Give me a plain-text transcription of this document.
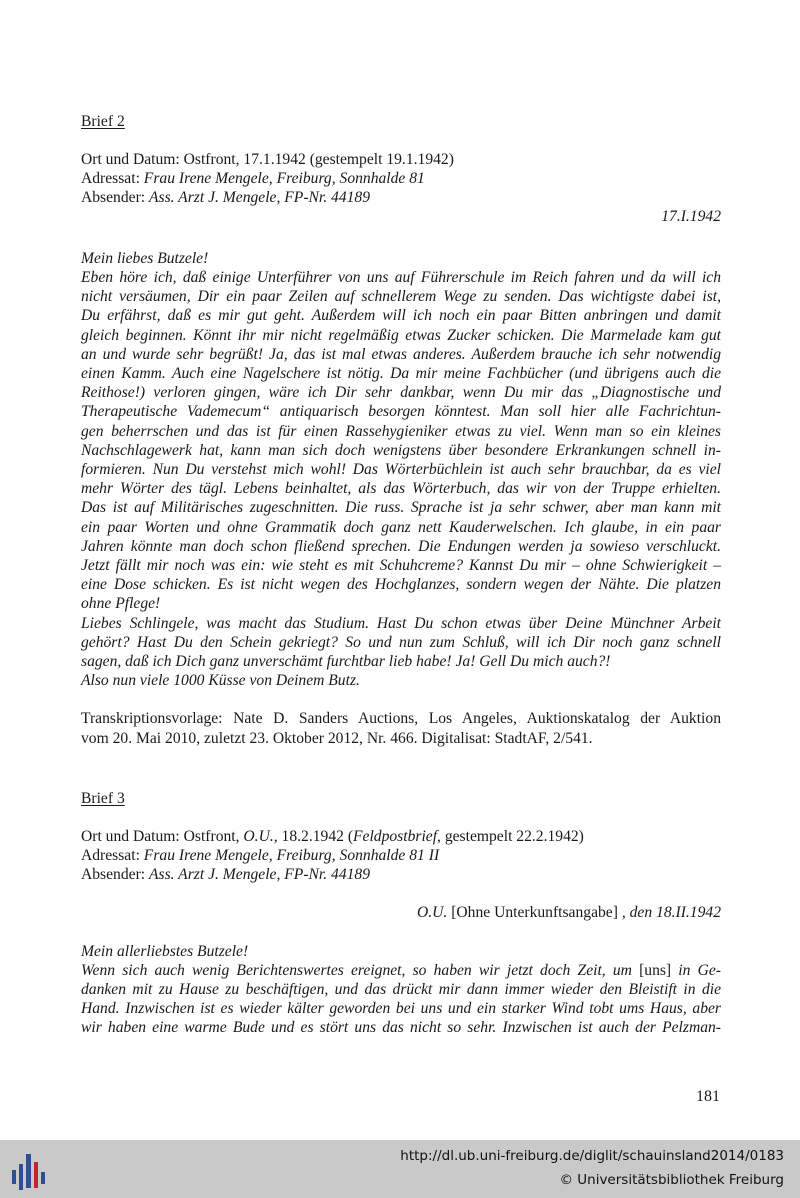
Brief 2
Ort und Datum: Ostfront, 17.1.1942 (gestempelt 19.1.1942)
Adressat: Frau Irene Mengele, Freiburg, Sonnhalde 81
Absender: Ass. Arzt J. Mengele, FP-Nr. 44189
17.I.1942
Mein liebes Butzele!
Eben höre ich, daß einige Unterführer von uns auf Führerschule im Reich fahren und da will ich
nicht versäumen, Dir ein paar Zeilen auf schnellerem Wege zu senden. Das wichtigste dabei ist,
Du erfährst, daß es mir gut geht. Außerdem will ich noch ein paar Bitten anbringen und damit
gleich beginnen. Könnt ihr mir nicht regelmäßig etwas Zucker schicken. Die Marmelade kam gut
an und wurde sehr begrüßt! Ja, das ist mal etwas anderes. Außerdem brauche ich sehr notwendig
einen Kamm. Auch eine Nagelschere ist nötig. Da mir meine Fachbücher (und übrigens auch die
Reithose!) verloren gingen, wäre ich Dir sehr dankbar, wenn Du mir das „Diagnostische und
Therapeutische Vademecum“ antiquarisch besorgen könntest. Man soll hier alle Fachrichtun-
gen beherrschen und das ist für einen Rassehygieniker etwas zu viel. Wenn man so ein kleines
Nachschlagewerk hat, kann man sich doch wenigstens über besondere Erkrankungen schnell in-
formieren. Nun Du verstehst mich wohl! Das Wörterbüchlein ist auch sehr brauchbar, da es viel
mehr Wörter des tägl. Lebens beinhaltet, als das Wörterbuch, das wir von der Truppe erhielten.
Das ist auf Militärisches zugeschnitten. Die russ. Sprache ist ja sehr schwer, aber man kann mit
ein paar Worten und ohne Grammatik doch ganz nett Kauderwelschen. Ich glaube, in ein paar
Jahren könnte man doch schon fließend sprechen. Die Endungen werden ja sowieso verschluckt.
Jetzt fällt mir noch was ein: wie steht es mit Schuhcreme? Kannst Du mir – ohne Schwierigkeit –
eine Dose schicken. Es ist nicht wegen des Hochglanzes, sondern wegen der Nähte. Die platzen
ohne Pflege!
Liebes Schlingele, was macht das Studium. Hast Du schon etwas über Deine Münchner Arbeit
gehört? Hast Du den Schein gekriegt? So und nun zum Schluß, will ich Dir noch ganz schnell
sagen, daß ich Dich ganz unverschämt furchtbar lieb habe! Ja! Gell Du mich auch?!
Also nun viele 1000 Küsse von Deinem Butz.
Transkriptionsvorlage: Nate D. Sanders Auctions, Los Angeles, Auktionskatalog der Auktion
vom 20. Mai 2010, zuletzt 23. Oktober 2012, Nr. 466. Digitalisat: StadtAF, 2/541.
Brief 3
Ort und Datum: Ostfront, O.U., 18.2.1942 (Feldpostbrief, gestempelt 22.2.1942)
Adressat: Frau Irene Mengele, Freiburg, Sonnhalde 81 II
Absender: Ass. Arzt J. Mengele, FP-Nr. 44189
O.U. [Ohne Unterkunftsangabe] , den 18.II.1942
Mein allerliebstes Butzele!
Wenn sich auch wenig Berichtenswertes ereignet, so haben wir jetzt doch Zeit, um [uns] in Ge-
danken mit zu Hause zu beschäftigen, und das drückt mir dann immer wieder den Bleistift in die
Hand. Inzwischen ist es wieder kälter geworden bei uns und ein starker Wind tobt ums Haus, aber
wir haben eine warme Bude und es stört uns das nicht so sehr. Inzwischen ist auch der Pelzman-
181
http://dl.ub.uni-freiburg.de/diglit/schauinsland2014/0183
© Universitätsbibliothek Freiburg
